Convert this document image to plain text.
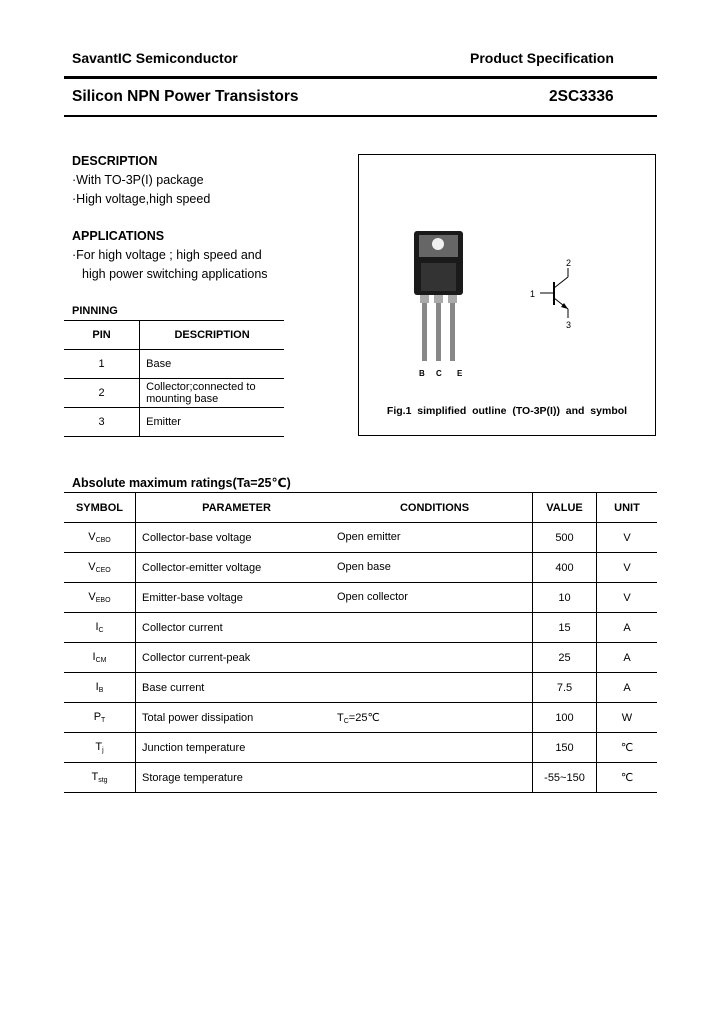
SavantIC Semiconductor	Product Specification
Silicon NPN Power Transistors	2SC3336
DESCRIPTION
·With TO-3P(I) package
·High voltage,high speed
APPLICATIONS
·For high voltage ; high speed and
high power switching applications
PINNING
PIN	DESCRIPTION
1	Base
2	Collector;connected to mounting base
3	Emitter
B C E
1
2
3
Fig.1  simplified  outline  (TO-3P(I))  and  symbol
Absolute maximum ratings(Ta=25℃)
SYMBOL	PARAMETER	CONDITIONS	VALUE	UNIT
$V_{CBO}$	Collector-base voltage	Open emitter	500	V
$V_{CEO}$	Collector-emitter voltage	Open base	400	V
$V_{EBO}$	Emitter-base voltage	Open collector	10	V
$I_C$	Collector current		15	A
$I_{CM}$	Collector current-peak		25	A
$I_B$	Base current		7.5	A
$P_T$	Total power dissipation	$T_C=25℃$	100	W
$T_j$	Junction temperature		150	℃
$T_{stg}$	Storage temperature		-55~150	℃
